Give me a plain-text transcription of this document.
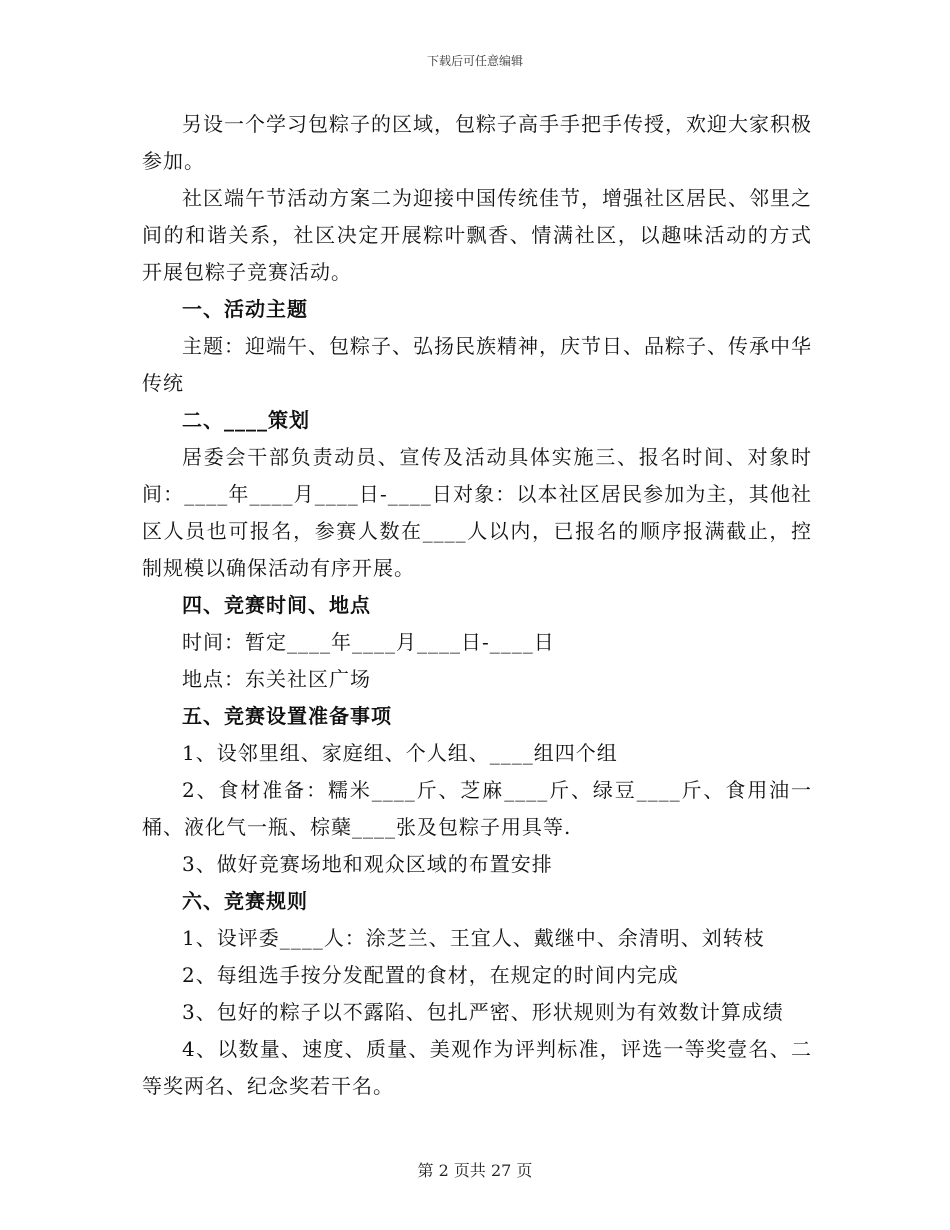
下载后可任意编辑

另设一个学习包粽子的区域，包粽子高手手把手传授，欢迎大家积极参加。

社区端午节活动方案二为迎接中国传统佳节，增强社区居民、邻里之间的和谐关系，社区决定开展粽叶飘香、情满社区，以趣味活动的方式开展包粽子竞赛活动。

一、活动主题

主题：迎端午、包粽子、弘扬民族精神，庆节日、品粽子、传承中华传统

二、____策划

居委会干部负责动员、宣传及活动具体实施三、报名时间、对象时间：____年____月____日-____日对象：以本社区居民参加为主，其他社区人员也可报名，参赛人数在____人以内，已报名的顺序报满截止，控制规模以确保活动有序开展。

四、竞赛时间、地点

时间：暂定____年____月____日-____日

地点：东关社区广场

五、竞赛设置准备事项

1、设邻里组、家庭组、个人组、____组四个组

2、食材准备：糯米____斤、芝麻____斤、绿豆____斤、食用油一桶、液化气一瓶、棕蘖____张及包粽子用具等.

3、做好竞赛场地和观众区域的布置安排

六、竞赛规则

1、设评委____人：涂芝兰、王宜人、戴继中、余清明、刘转枝

2、每组选手按分发配置的食材，在规定的时间内完成

3、包好的粽子以不露陷、包扎严密、形状规则为有效数计算成绩

4、以数量、速度、质量、美观作为评判标准，评选一等奖壹名、二等奖两名、纪念奖若干名。

第 2 页共 27 页
